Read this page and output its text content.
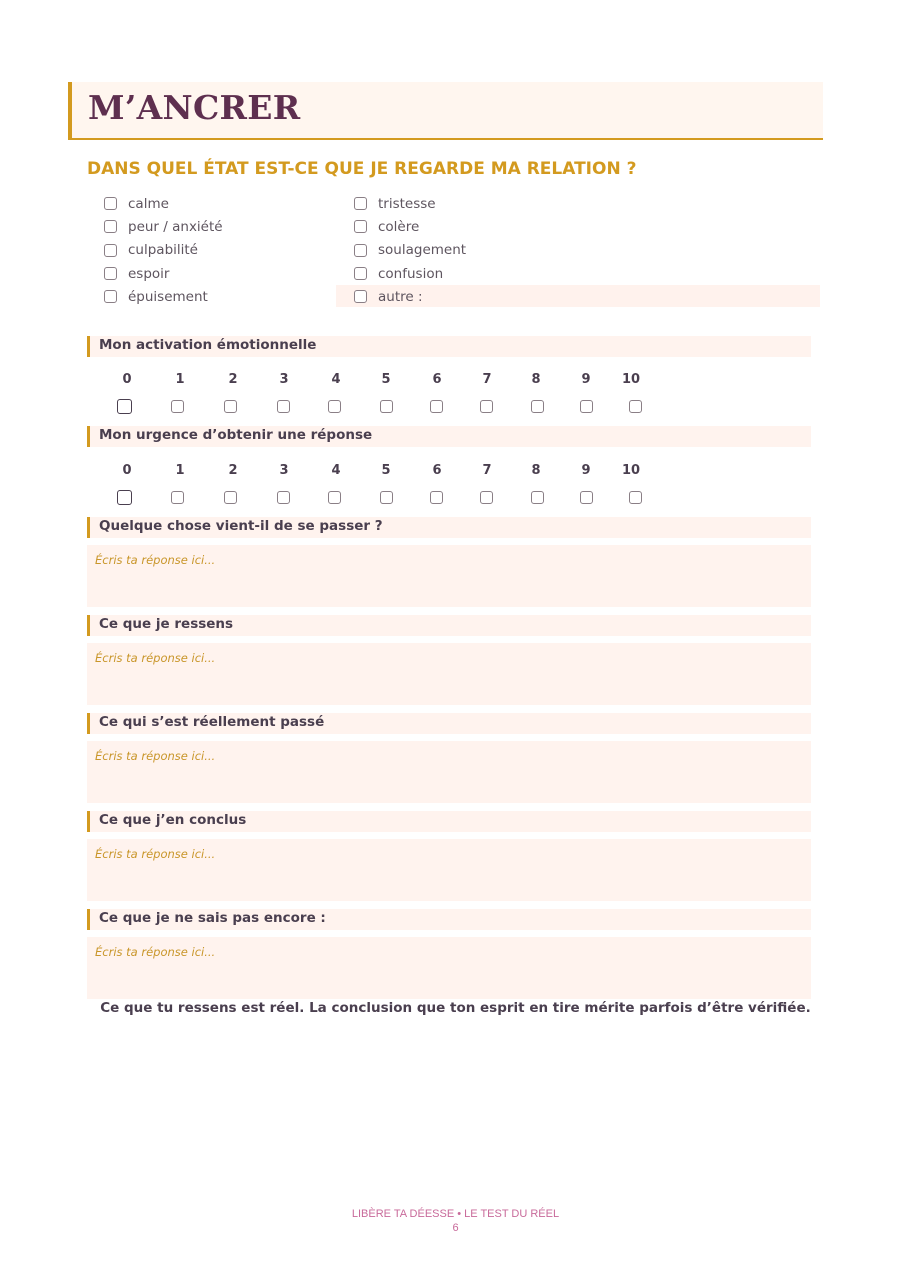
M’ANCRER
DANS QUEL ÉTAT EST-CE QUE JE REGARDE MA RELATION ?
calme
peur / anxiété
culpabilité
espoir
épuisement
tristesse
colère
soulagement
confusion
autre :
Mon activation émotionnelle
0	1	2	3	4	5	6	7	8	9	10
Mon urgence d’obtenir une réponse
0	1	2	3	4	5	6	7	8	9	10
Quelque chose vient-il de se passer ?
Écris ta réponse ici...
Ce que je ressens
Écris ta réponse ici...
Ce qui s’est réellement passé
Écris ta réponse ici...
Ce que j’en conclus
Écris ta réponse ici...
Ce que je ne sais pas encore :
Écris ta réponse ici...
Ce que tu ressens est réel. La conclusion que ton esprit en tire mérite parfois d’être vérifiée.
LIBÈRE TA DÉESSE • LE TEST DU RÉEL
6
